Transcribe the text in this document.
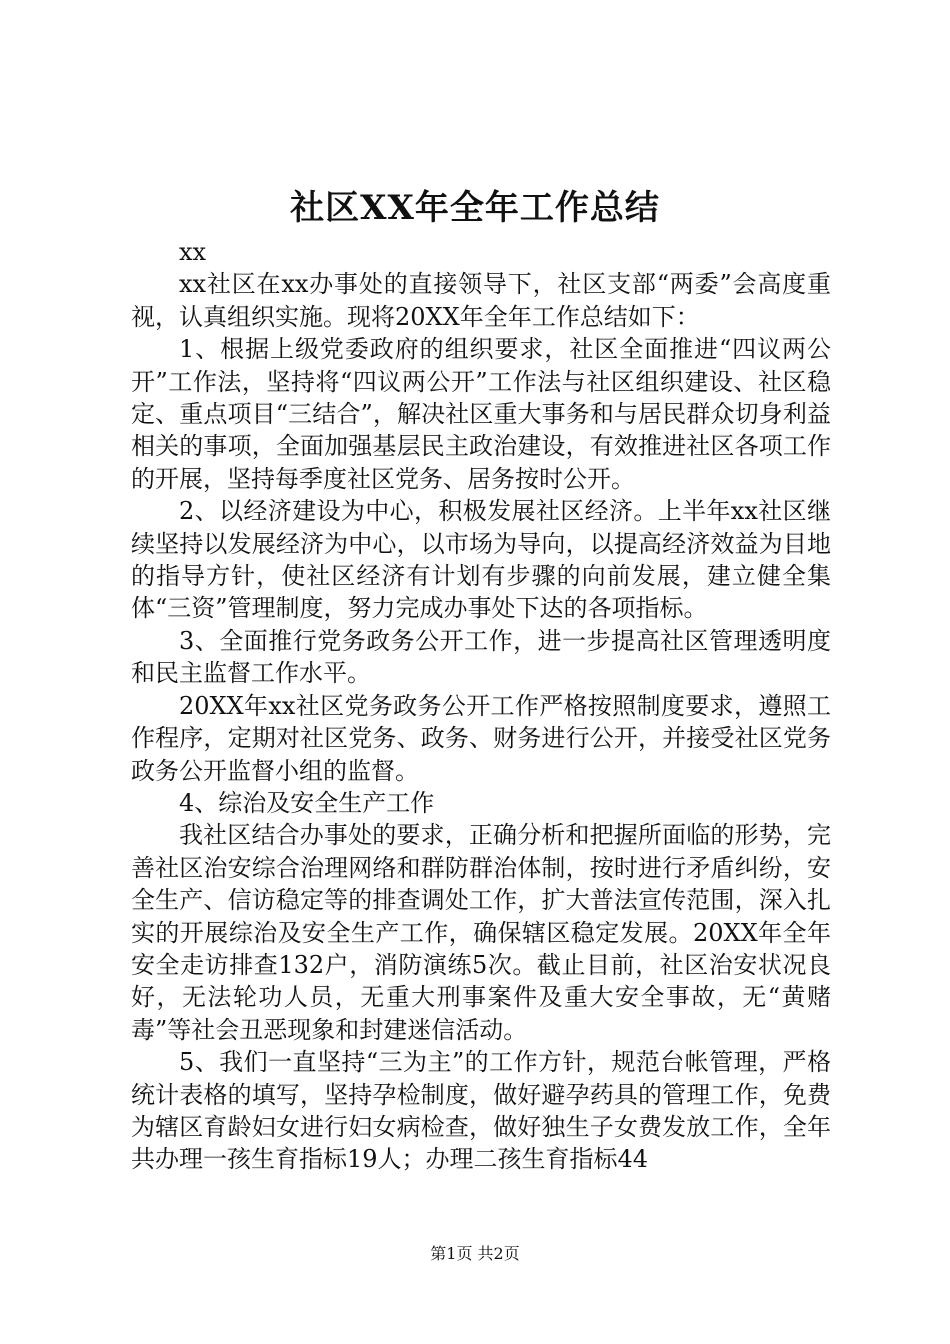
社区XX年全年工作总结

xx

xx社区在xx办事处的直接领导下，社区支部“两委”会高度重视，认真组织实施。现将20XX年全年工作总结如下：

1、根据上级党委政府的组织要求，社区全面推进“四议两公开”工作法，坚持将“四议两公开”工作法与社区组织建设、社区稳定、重点项目“三结合”，解决社区重大事务和与居民群众切身利益相关的事项，全面加强基层民主政治建设，有效推进社区各项工作的开展，坚持每季度社区党务、居务按时公开。

2、以经济建设为中心，积极发展社区经济。上半年xx社区继续坚持以发展经济为中心，以市场为导向，以提高经济效益为目地的指导方针，使社区经济有计划有步骤的向前发展，建立健全集体“三资”管理制度，努力完成办事处下达的各项指标。

3、全面推行党务政务公开工作，进一步提高社区管理透明度和民主监督工作水平。

20XX年xx社区党务政务公开工作严格按照制度要求，遵照工作程序，定期对社区党务、政务、财务进行公开，并接受社区党务政务公开监督小组的监督。

4、综治及安全生产工作

我社区结合办事处的要求，正确分析和把握所面临的形势，完善社区治安综合治理网络和群防群治体制，按时进行矛盾纠纷，安全生产、信访稳定等的排查调处工作，扩大普法宣传范围，深入扎实的开展综治及安全生产工作，确保辖区稳定发展。20XX年全年安全走访排查132户，消防演练5次。截止目前，社区治安状况良好，无法轮功人员，无重大刑事案件及重大安全事故，无“黄赌毒”等社会丑恶现象和封建迷信活动。

5、我们一直坚持“三为主”的工作方针，规范台帐管理，严格统计表格的填写，坚持孕检制度，做好避孕药具的管理工作，免费为辖区育龄妇女进行妇女病检查，做好独生子女费发放工作，全年共办理一孩生育指标19人；办理二孩生育指标44

第1页 共2页
